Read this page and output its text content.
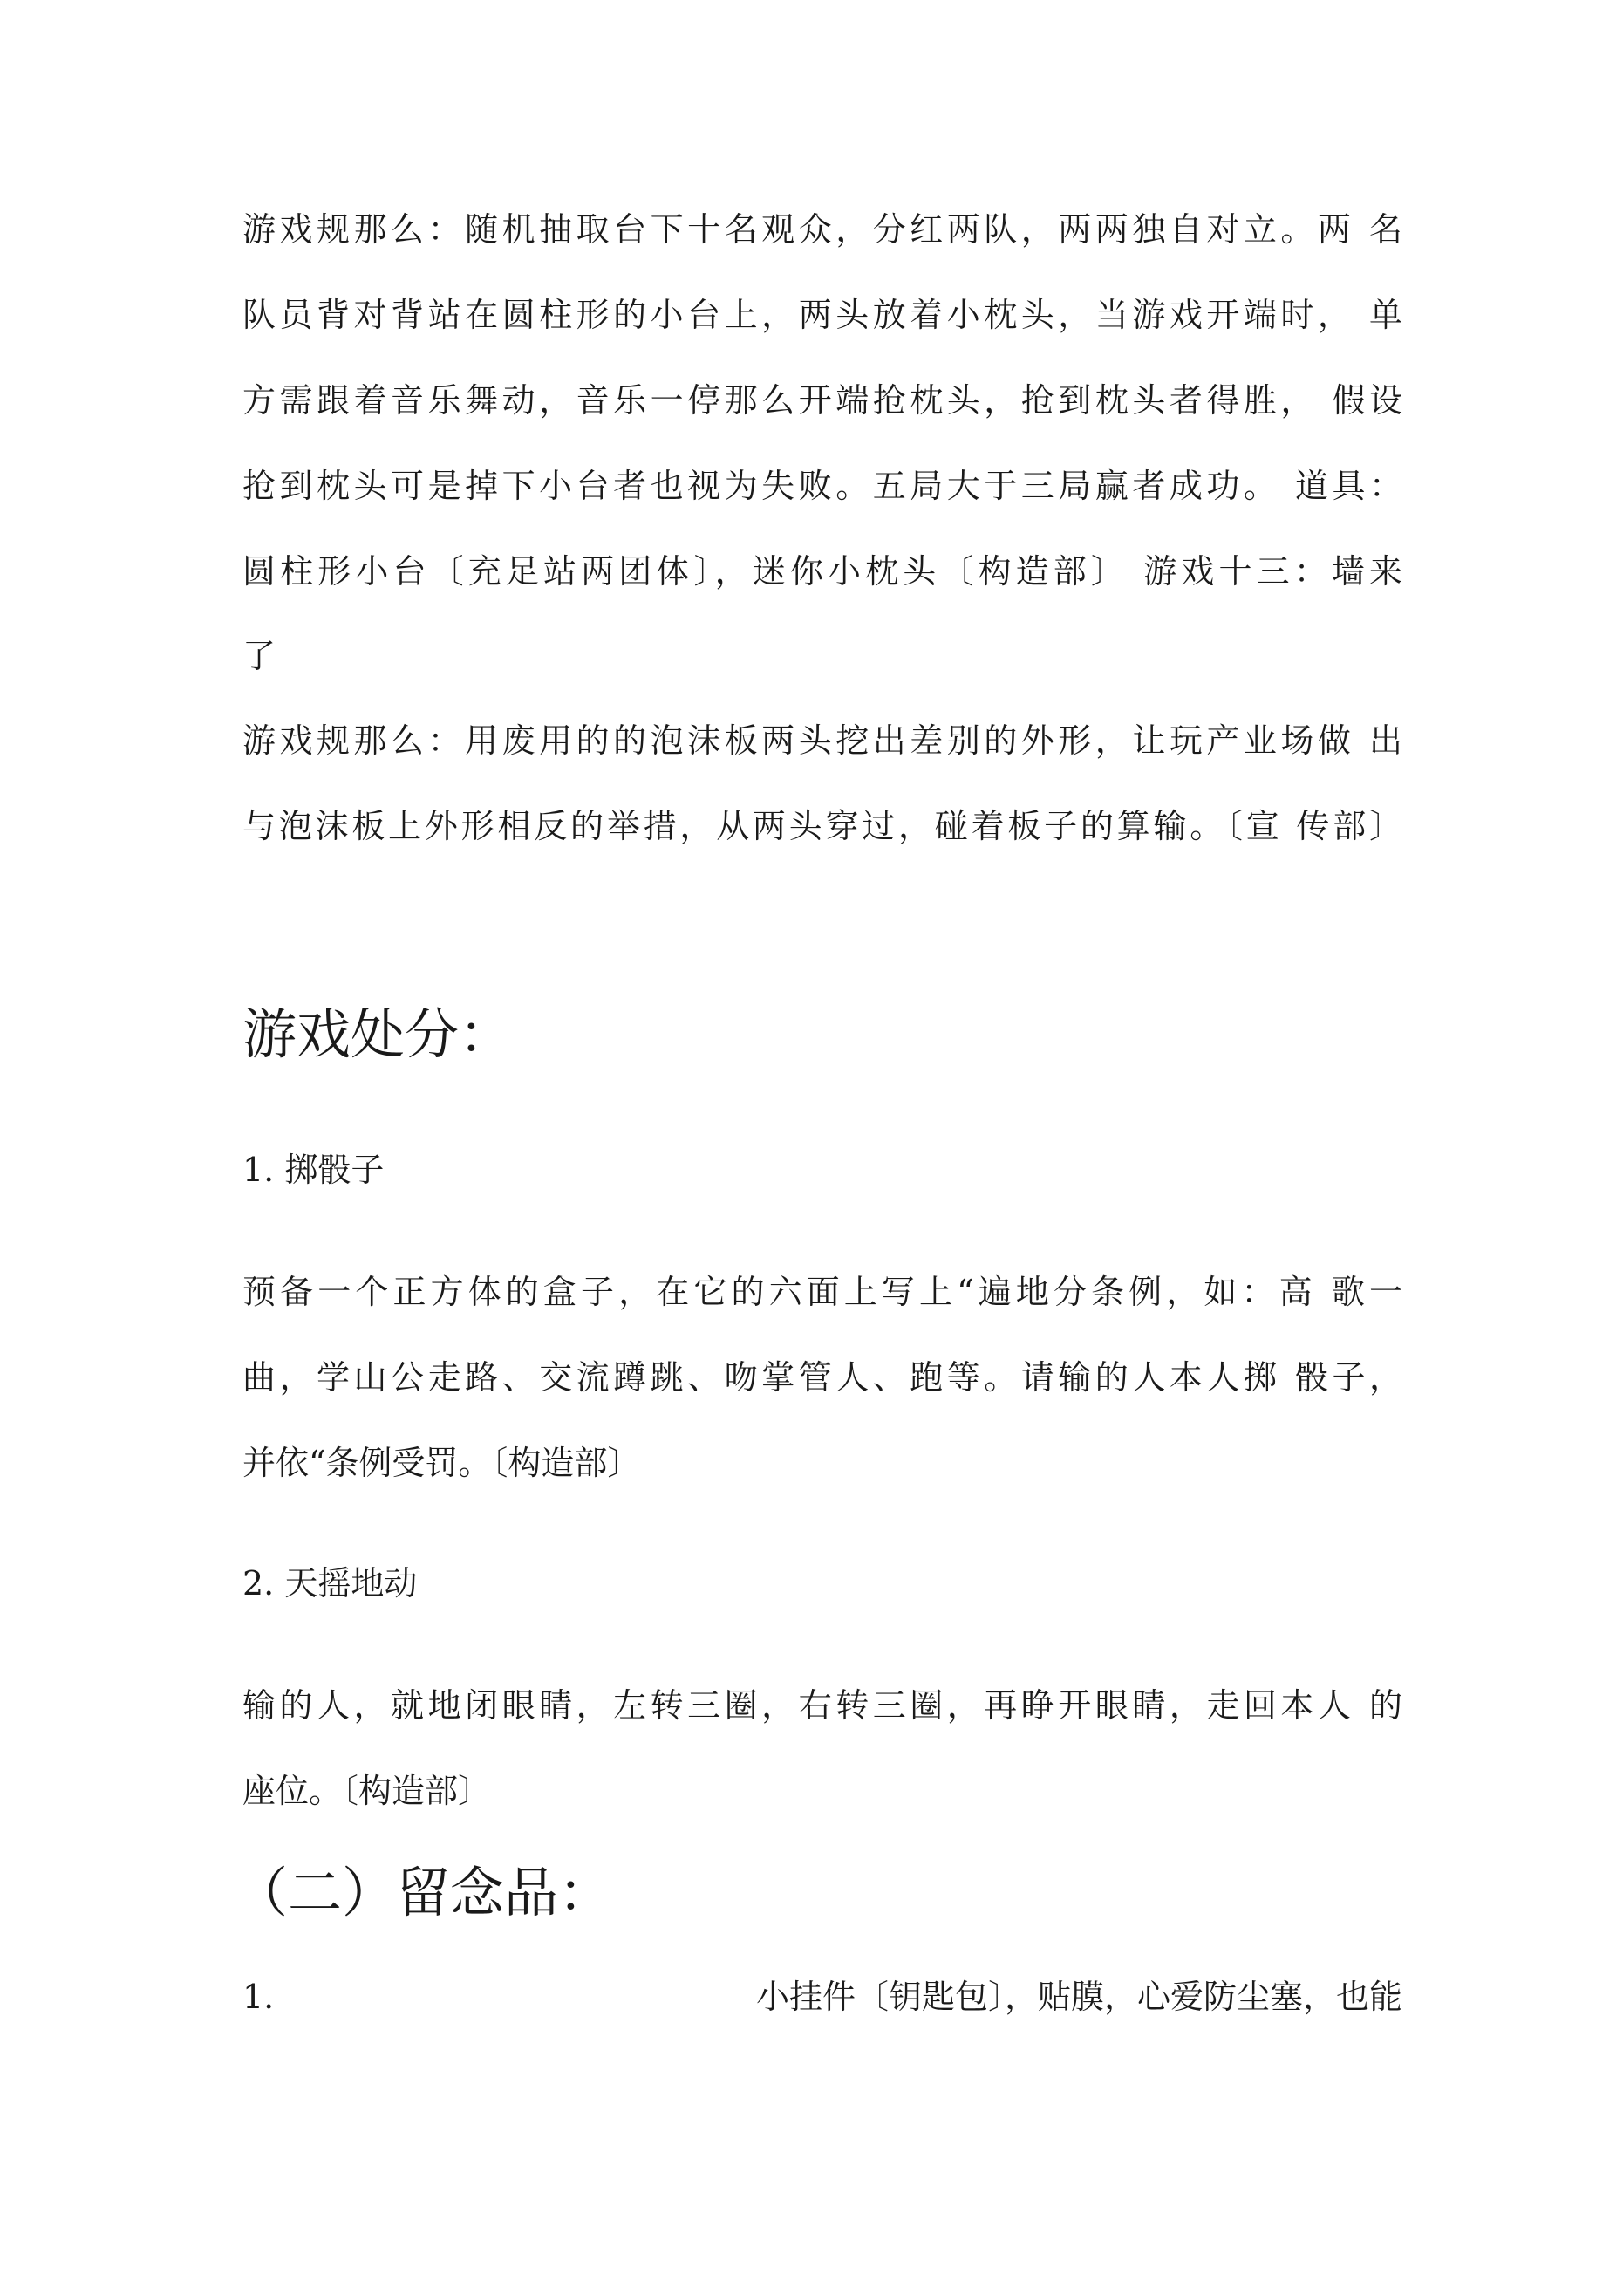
游戏规那么：随机抽取台下十名观众，分红两队，两两独自对立。两 名
队员背对背站在圆柱形的小台上，两头放着小枕头，当游戏开端时， 单
方需跟着音乐舞动，音乐一停那么开端抢枕头，抢到枕头者得胜， 假设
抢到枕头可是掉下小台者也视为失败。五局大于三局赢者成功。 道具：
圆柱形小台〔充足站两团体〕，迷你小枕头〔构造部〕 游戏十三：墙来
了
游戏规那么：用废用的的泡沫板两头挖出差别的外形，让玩产业场做 出
与泡沫板上外形相反的举措，从两头穿过，碰着板子的算输。〔宣 传部〕
游戏处分：
1. 掷骰子
预备一个正方体的盒子，在它的六面上写上“遍地分条例，如：高 歌一
曲，学山公走路、交流蹲跳、吻掌管人、跑等。请输的人本人掷 骰子，
并依“条例受罚。〔构造部〕
2. 天摇地动
输的人，就地闭眼睛，左转三圈，右转三圈，再睁开眼睛，走回本人 的
座位。〔构造部〕
（二）留念品：
1.	小挂件〔钥匙包〕，贴膜，心爱防尘塞，也能
